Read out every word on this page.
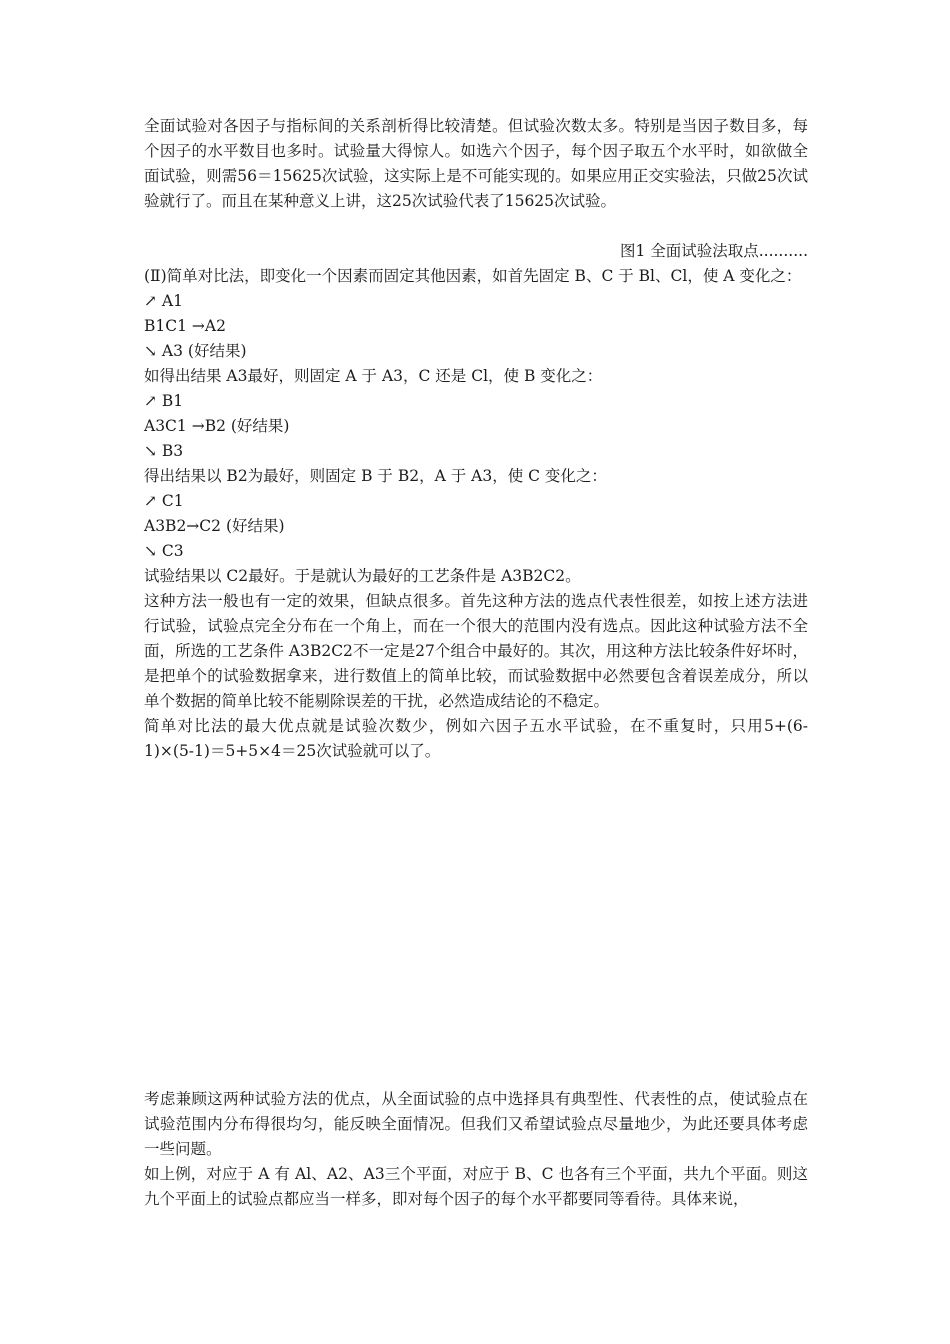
全面试验对各因子与指标间的关系剖析得比较清楚。但试验次数太多。特别是当因子数目多，每个因子的水平数目也多时。试验量大得惊人。如选六个因子，每个因子取五个水平时，如欲做全面试验，则需56＝15625次试验，这实际上是不可能实现的。如果应用正交实验法，只做25次试验就行了。而且在某种意义上讲，这25次试验代表了15625次试验。

图1 全面试验法取点..........

(Ⅱ)简单对比法，即变化一个因素而固定其他因素，如首先固定 B、C 于 Bl、Cl，使 A 变化之：

↗ A1

B1C1 →A2

↘ A3 (好结果)

如得出结果 A3最好，则固定 A 于 A3，C 还是 Cl，使 B 变化之：

↗ B1

A3C1 →B2 (好结果)

↘ B3

得出结果以 B2为最好，则固定 B 于 B2，A 于 A3，使 C 变化之：

↗ C1

A3B2→C2 (好结果)

↘ C3

试验结果以 C2最好。于是就认为最好的工艺条件是 A3B2C2。

这种方法一般也有一定的效果，但缺点很多。首先这种方法的选点代表性很差，如按上述方法进行试验，试验点完全分布在一个角上，而在一个很大的范围内没有选点。因此这种试验方法不全面，所选的工艺条件 A3B2C2不一定是27个组合中最好的。其次，用这种方法比较条件好坏时，是把单个的试验数据拿来，进行数值上的简单比较，而试验数据中必然要包含着误差成分，所以单个数据的简单比较不能剔除误差的干扰，必然造成结论的不稳定。

简单对比法的最大优点就是试验次数少，例如六因子五水平试验，在不重复时，只用5+(6-1)×(5-1)＝5+5×4＝25次试验就可以了。

考虑兼顾这两种试验方法的优点，从全面试验的点中选择具有典型性、代表性的点，使试验点在试验范围内分布得很均匀，能反映全面情况。但我们又希望试验点尽量地少，为此还要具体考虑一些问题。

如上例，对应于 A 有 Al、A2、A3三个平面，对应于 B、C 也各有三个平面，共九个平面。则这九个平面上的试验点都应当一样多，即对每个因子的每个水平都要同等看待。具体来说，
